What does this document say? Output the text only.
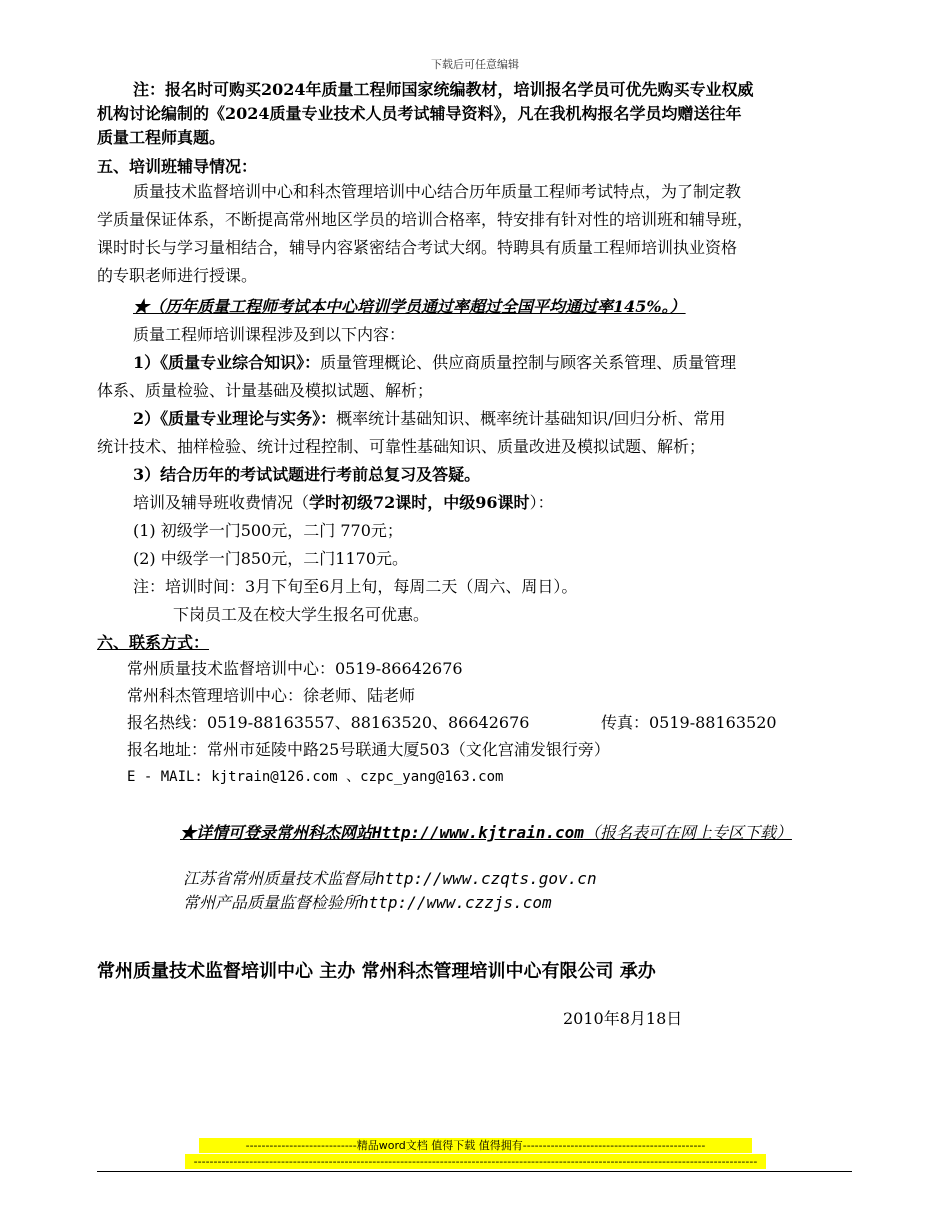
下载后可任意编辑
注：报名时可购买2024年质量工程师国家统编教材，培训报名学员可优先购买专业权威
机构讨论编制的《2024质量专业技术人员考试辅导资料》，凡在我机构报名学员均赠送往年
质量工程师真题。
五、培训班辅导情况：
质量技术监督培训中心和科杰管理培训中心结合历年质量工程师考试特点，为了制定教
学质量保证体系，不断提高常州地区学员的培训合格率，特安排有针对性的培训班和辅导班，
课时时长与学习量相结合，辅导内容紧密结合考试大纲。特聘具有质量工程师培训执业资格
的专职老师进行授课。
★（历年质量工程师考试本中心培训学员通过率超过全国平均通过率145%。）
质量工程师培训课程涉及到以下内容：
1）《质量专业综合知识》：质量管理概论、供应商质量控制与顾客关系管理、质量管理
体系、质量检验、计量基础及模拟试题、解析；
2）《质量专业理论与实务》：概率统计基础知识、概率统计基础知识/回归分析、常用
统计技术、抽样检验、统计过程控制、可靠性基础知识、质量改进及模拟试题、解析；
3）结合历年的考试试题进行考前总复习及答疑。
培训及辅导班收费情况（学时初级72课时，中级96课时）：
(1) 初级学一门500元，二门 770元；
(2) 中级学一门850元，二门1170元。
注：培训时间：3月下旬至6月上旬，每周二天（周六、周日）。
下岗员工及在校大学生报名可优惠。
六、联系方式：
常州质量技术监督培训中心：0519-86642676
常州科杰管理培训中心：徐老师、陆老师
报名热线：0519-88163557、88163520、86642676	传真：0519-88163520
报名地址：常州市延陵中路25号联通大厦503（文化宫浦发银行旁）
E - MAIL: kjtrain@126.com 、czpc_yang@163.com
★详情可登录常州科杰网站Http://www.kjtrain.com（报名表可在网上专区下载）
江苏省常州质量技术监督局http://www.czqts.gov.cn
常州产品质量监督检验所http://www.czzjs.com
常州质量技术监督培训中心 主办 常州科杰管理培训中心有限公司 承办
2010年8月18日
----------------------------精品word文档 值得下载 值得拥有----------------------------------------------
----------------------------------------------------------------------------------------------------------------------------------------------
